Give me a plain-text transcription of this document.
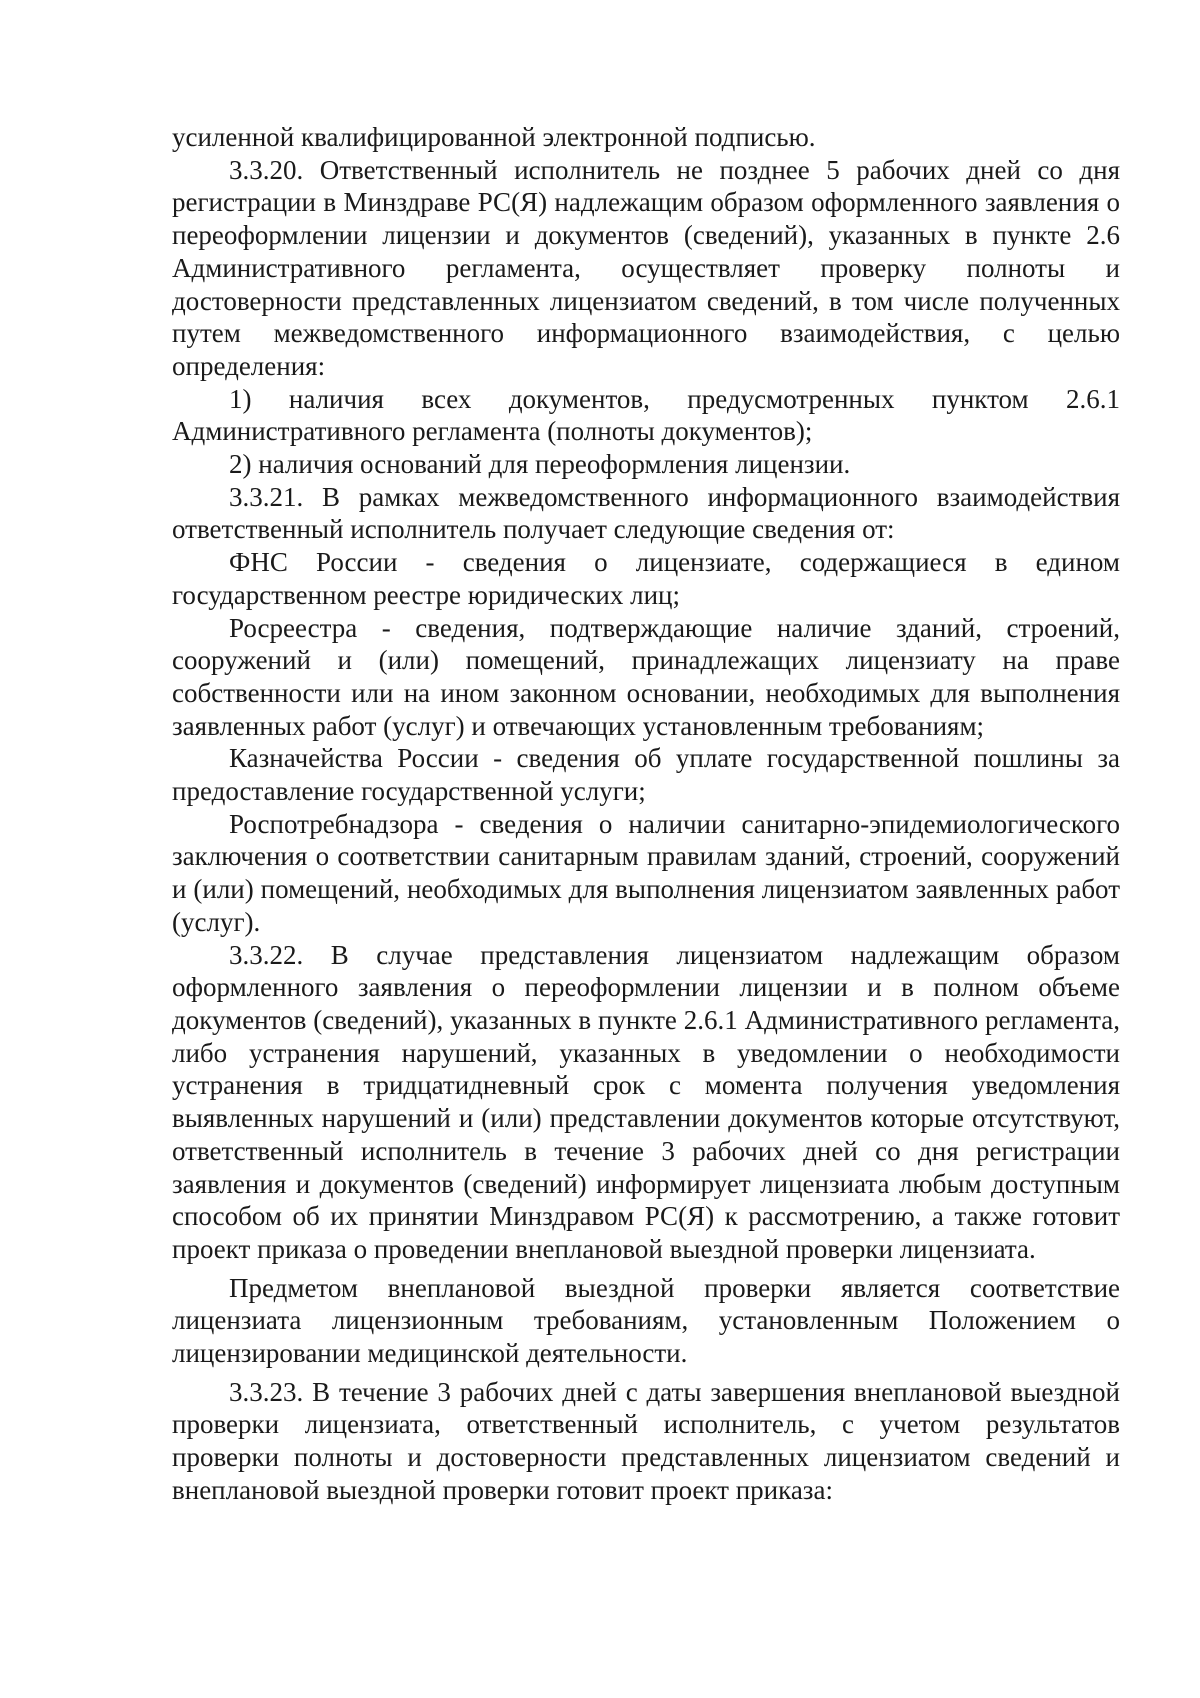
усиленной квалифицированной электронной подписью.

3.3.20. Ответственный исполнитель не позднее 5 рабочих дней со дня регистрации в Минздраве РС(Я) надлежащим образом оформленного заявления о переоформлении лицензии и документов (сведений), указанных в пункте 2.6 Административного регламента, осуществляет проверку полноты и достоверности представленных лицензиатом сведений, в том числе полученных путем межведомственного информационного взаимодействия, с целью определения:

1) наличия всех документов, предусмотренных пунктом 2.6.1 Административного регламента (полноты документов);

2) наличия оснований для переоформления лицензии.

3.3.21. В рамках межведомственного информационного взаимодействия ответственный исполнитель получает следующие сведения от:

ФНС России - сведения о лицензиате, содержащиеся в едином государственном реестре юридических лиц;

Росреестра - сведения, подтверждающие наличие зданий, строений, сооружений и (или) помещений, принадлежащих лицензиату на праве собственности или на ином законном основании, необходимых для выполнения заявленных работ (услуг) и отвечающих установленным требованиям;

Казначейства России - сведения об уплате государственной пошлины за предоставление государственной услуги;

Роспотребнадзора - сведения о наличии санитарно-эпидемиологического заключения о соответствии санитарным правилам зданий, строений, сооружений и (или) помещений, необходимых для выполнения лицензиатом заявленных работ (услуг).

3.3.22. В случае представления лицензиатом надлежащим образом оформленного заявления о переоформлении лицензии и в полном объеме документов (сведений), указанных в пункте 2.6.1 Административного регламента, либо устранения нарушений, указанных в уведомлении о необходимости устранения в тридцатидневный срок с момента получения уведомления выявленных нарушений и (или) представлении документов которые отсутствуют, ответственный исполнитель в течение 3 рабочих дней со дня регистрации заявления и документов (сведений) информирует лицензиата любым доступным способом об их принятии Минздравом РС(Я) к рассмотрению, а также готовит проект приказа о проведении внеплановой выездной проверки лицензиата.

Предметом внеплановой выездной проверки является соответствие лицензиата лицензионным требованиям, установленным Положением о лицензировании медицинской деятельности.

3.3.23. В течение 3 рабочих дней с даты завершения внеплановой выездной проверки лицензиата, ответственный исполнитель, с учетом результатов проверки полноты и достоверности представленных лицензиатом сведений и внеплановой выездной проверки готовит проект приказа:
